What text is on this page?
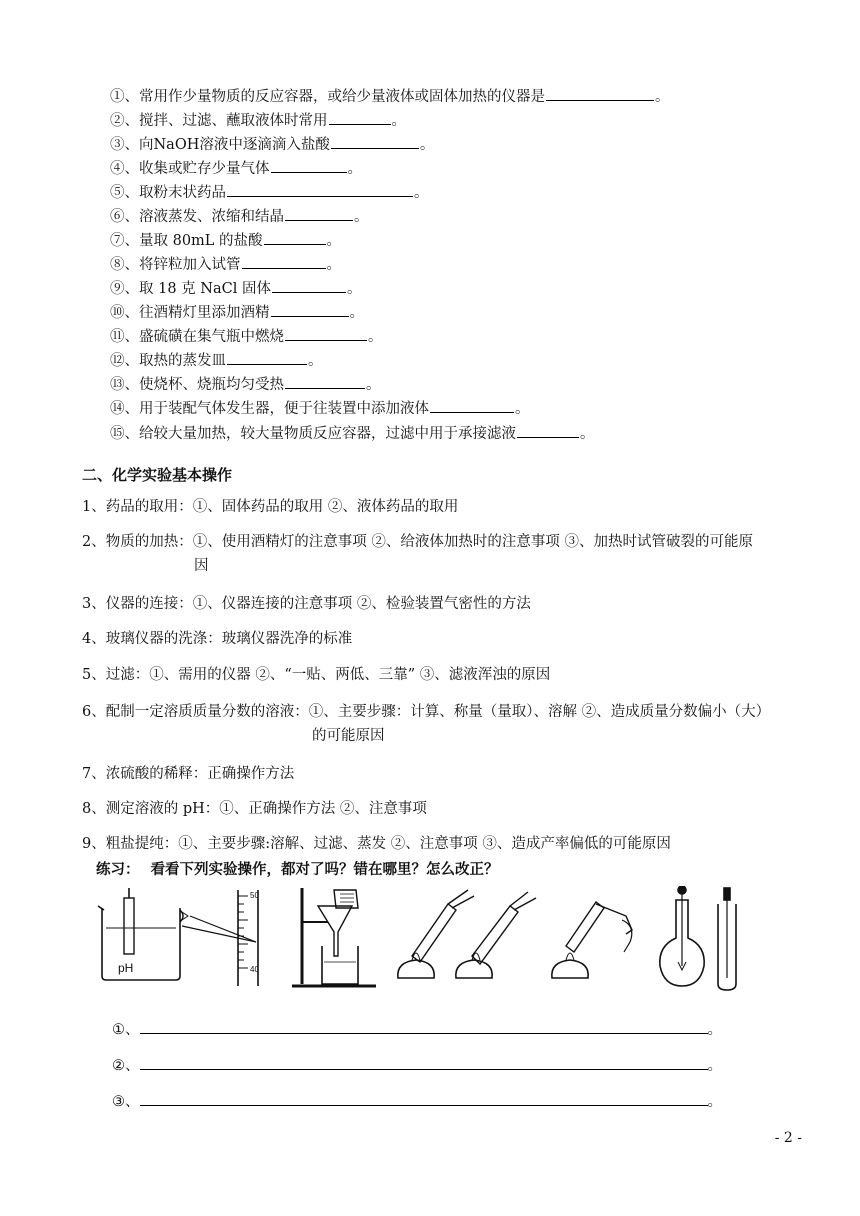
①、常用作少量物质的反应容器，或给少量液体或固体加热的仪器是	。
②、搅拌、过滤、蘸取液体时常用	。
③、向NaOH溶液中逐滴滴入盐酸	。
④、收集或贮存少量气体	。
⑤、取粉末状药品	。
⑥、溶液蒸发、浓缩和结晶	。
⑦、量取 80mL 的盐酸	。
⑧、将锌粒加入试管	。
⑨、取 18 克 NaCl 固体	。
⑩、往酒精灯里添加酒精	。
⑪、盛硫磺在集气瓶中燃烧	。
⑫、取热的蒸发皿	。
⑬、使烧杯、烧瓶均匀受热	。
⑭、用于装配气体发生器，便于往装置中添加液体	。
⑮、给较大量加热，较大量物质反应容器，过滤中用于承接滤液	。
二、化学实验基本操作
1、药品的取用：①、固体药品的取用 ②、液体药品的取用
2、物质的加热：①、使用酒精灯的注意事项 ②、给液体加热时的注意事项 ③、加热时试管破裂的可能原
因
3、仪器的连接：①、仪器连接的注意事项 ②、检验装置气密性的方法
4、玻璃仪器的洗涤：玻璃仪器洗净的标准
5、过滤：①、需用的仪器 ②、“一贴、两低、三靠” ③、滤液浑浊的原因
6、配制一定溶质质量分数的溶液：①、主要步骤：计算、称量（量取）、溶解 ②、造成质量分数偏小（大）
的可能原因
7、浓硫酸的稀释：正确操作方法
8、测定溶液的 pH：①、正确操作方法 ②、注意事项
9、粗盐提纯：①、主要步骤:溶解、过滤、蒸发 ②、注意事项 ③、造成产率偏低的可能原因
练习： 看看下列实验操作，都对了吗？错在哪里？怎么改正？
pH
50
40
①、	。
②、	。
③、	。
- 2 -
